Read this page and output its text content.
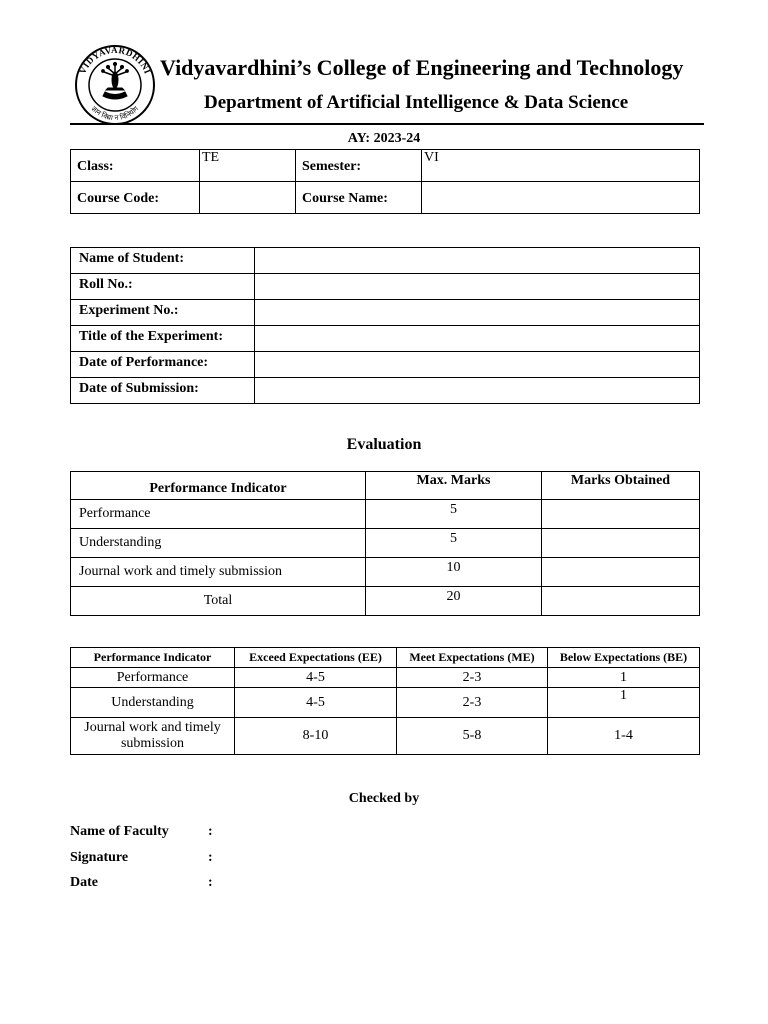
VIDYAVARDHINI
ज्ञान विद्या न विनियोग
Vidyavardhini’s College of Engineering and Technology
Department of Artificial Intelligence & Data Science
AY: 2023-24
Class:	TE	Semester:	VI
Course Code:		Course Name:	
Name of Student:	
Roll No.:	
Experiment No.:	
Title of the Experiment:	
Date of Performance:	
Date of Submission:	
Evaluation
Performance Indicator	Max. Marks	Marks Obtained
Performance	5	
Understanding	5	
Journal work and timely submission	10	
Total	20	
Performance Indicator	Exceed Expectations (EE)	Meet Expectations (ME)	Below Expectations (BE)
Performance	4-5	2-3	1
Understanding	4-5	2-3	1
Journal work and timely submission	8-10	5-8	1-4
Checked by
Name of Faculty	:
Signature	:
Date	:
